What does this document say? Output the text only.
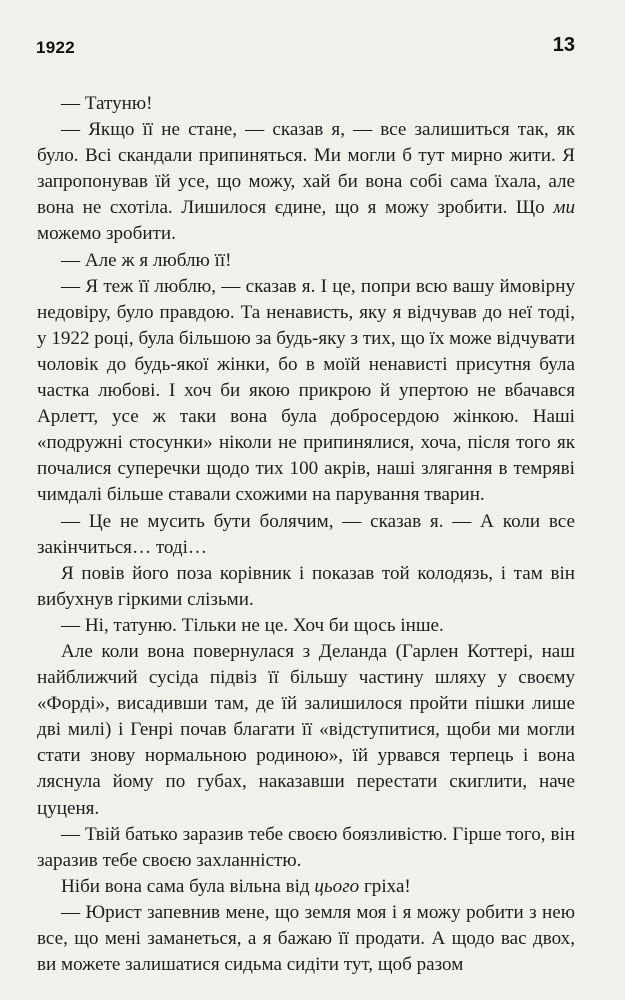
1922	13

— Татуню!

— Якщо її не стане, — сказав я, — все залишиться так, як було. Всі скандали припиняться. Ми могли б тут мирно жити. Я запропонував їй усе, що можу, хай би вона собі сама їхала, але вона не схотіла. Лишилося єдине, що я можу зробити. Що ми можемо зробити.

— Але ж я люблю її!

— Я теж її люблю, — сказав я. І це, попри всю вашу ймовірну недовіру, було правдою. Та ненависть, яку я відчував до неї тоді, у 1922 році, була більшою за будь-яку з тих, що їх може відчувати чоловік до будь-якої жінки, бо в моїй ненависті присутня була частка любові. І хоч би якою прикрою й упертою не вбачався Арлетт, усе ж таки вона була добросердою жінкою. Наші «подружні стосунки» ніколи не припинялися, хоча, після того як почалися суперечки щодо тих 100 акрів, наші злягання в темряві чимдалі більше ставали схожими на парування тварин.

— Це не мусить бути болячим, — сказав я. — А коли все закінчиться… тоді…

Я повів його поза корівник і показав той колодязь, і там він вибухнув гіркими слізьми.

— Ні, татуню. Тільки не це. Хоч би щось інше.

Але коли вона повернулася з Деланда (Гарлен Коттері, наш найближчий сусіда підвіз її більшу частину шляху у своєму «Форді», висадивши там, де їй залишилося пройти пішки лише дві милі) і Генрі почав благати її «відступитися, щоби ми могли стати знову нормальною родиною», їй урвався терпець і вона ляснула йому по губах, наказавши перестати скиглити, наче цуценя.

— Твій батько заразив тебе своєю боязливістю. Гірше того, він заразив тебе своєю захланністю.

Ніби вона сама була вільна від цього гріха!

— Юрист запевнив мене, що земля моя і я можу робити з нею все, що мені заманеться, а я бажаю її продати. А щодо вас двох, ви можете залишатися сидьма сидіти тут, щоб разом
